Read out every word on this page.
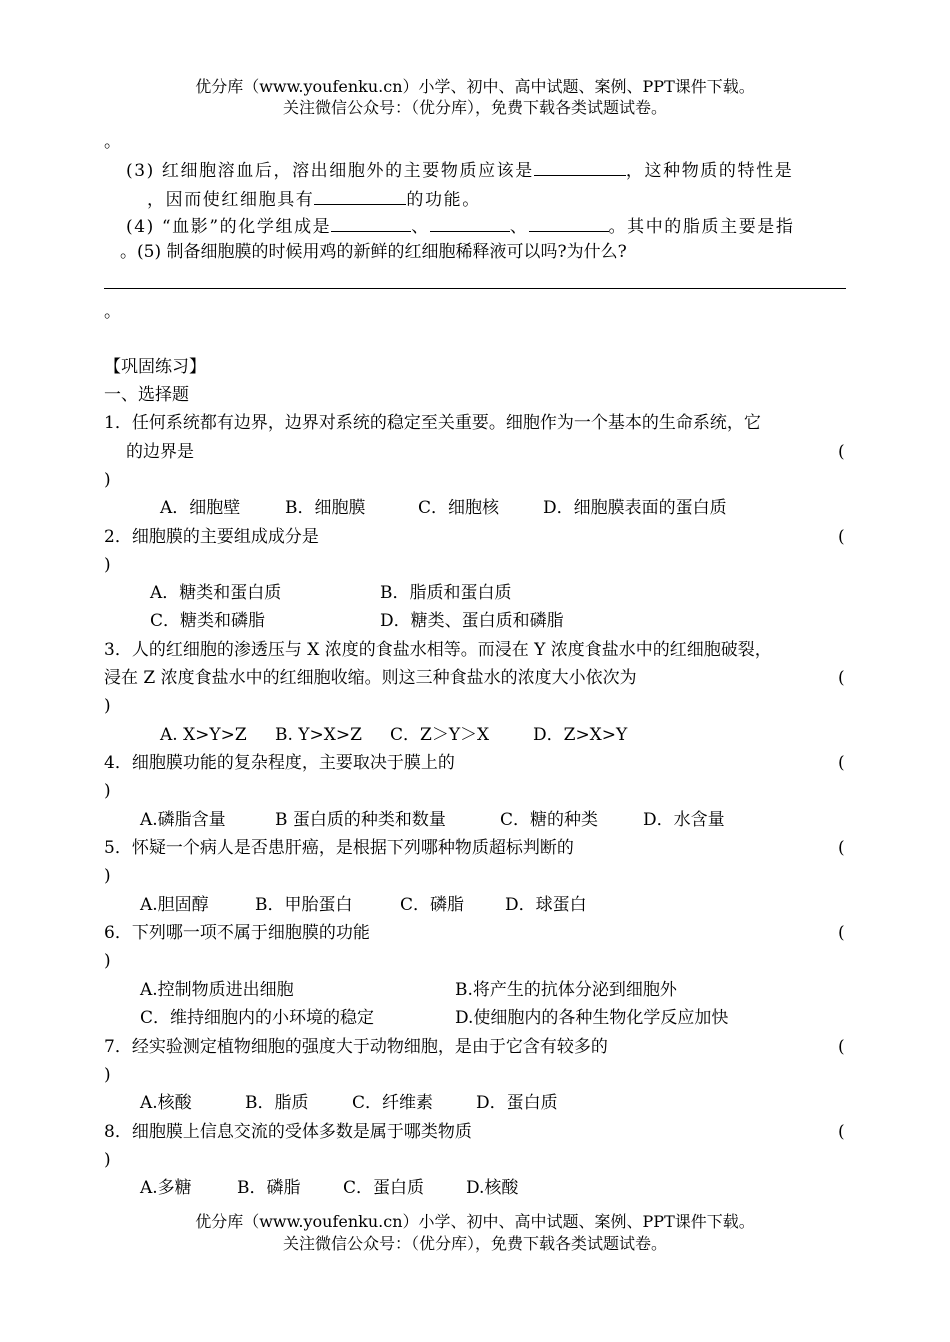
优分库（www.youfenku.cn）小学、初中、高中试题、案例、PPT课件下载。
关注微信公众号：（优分库），免费下载各类试题试卷。
。
(3) 红细胞溶血后，溶出细胞外的主要物质应该是	，这种物质的特性是
，因而使红细胞具有	的功能。
(4) “血影”的化学组成是	、	、	。其中的脂质主要是指
。(5) 制备细胞膜的时候用鸡的新鲜的红细胞稀释液可以吗?为什么?
。
【巩固练习】
一、选择题
1．任何系统都有边界，边界对系统的稳定至关重要。细胞作为一个基本的生命系统，它
的边界是	(
)
A．细胞壁	B．细胞膜	C．细胞核	D．细胞膜表面的蛋白质
2．细胞膜的主要组成成分是	(
)
A．糖类和蛋白质	B．脂质和蛋白质
C．糖类和磷脂	D．糖类、蛋白质和磷脂
3．人的红细胞的渗透压与 X 浓度的食盐水相等。而浸在 Y 浓度食盐水中的红细胞破裂，
浸在 Z 浓度食盐水中的红细胞收缩。则这三种食盐水的浓度大小依次为	(
)
A. X>Y>Z B. Y>X>Z C．Z＞Y＞X	D．Z>X>Y
4．细胞膜功能的复杂程度，主要取决于膜上的	(
)
A.磷脂含量	B 蛋白质的种类和数量	C．糖的种类	D．水含量
5．怀疑一个病人是否患肝癌，是根据下列哪种物质超标判断的	(
)
A.胆固醇	B．甲胎蛋白	C．磷脂 D．球蛋白
6．下列哪一项不属于细胞膜的功能	(
)
A.控制物质进出细胞	B.将产生的抗体分泌到细胞外
C．维持细胞内的小环境的稳定	D.使细胞内的各种生物化学反应加快
7．经实验测定植物细胞的强度大于动物细胞，是由于它含有较多的	(
)
A.核酸	B．脂质	C．纤维素	D．蛋白质
8．细胞膜上信息交流的受体多数是属于哪类物质	(
)
A.多糖	B．磷脂	C．蛋白质 D.核酸
优分库（www.youfenku.cn）小学、初中、高中试题、案例、PPT课件下载。
关注微信公众号：（优分库），免费下载各类试题试卷。
